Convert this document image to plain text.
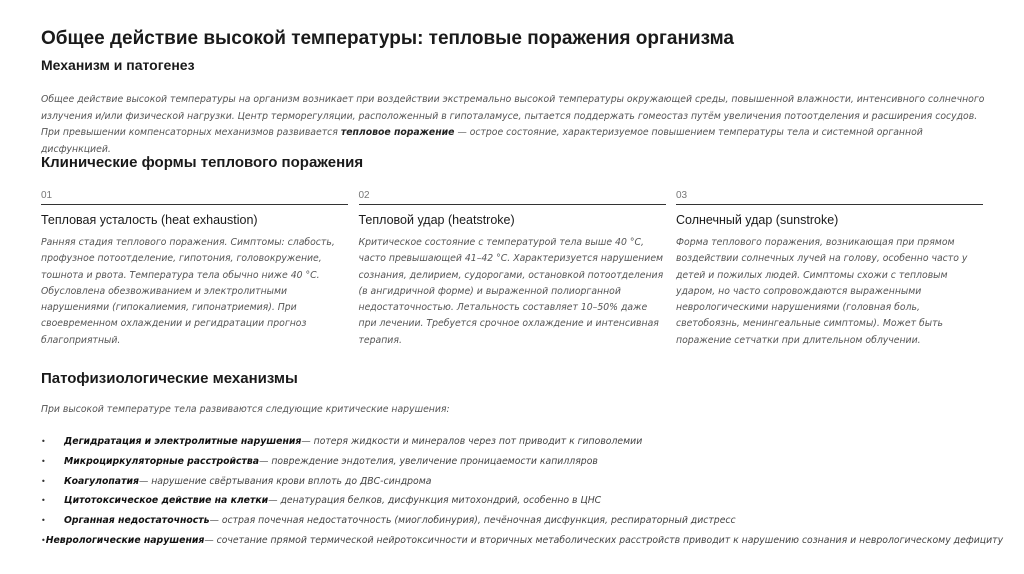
Общее действие высокой температуры: тепловые поражения организма
Механизм и патогенез

Общее действие высокой температуры на организм возникает при воздействии экстремально высокой температуры окружающей среды, повышенной влажности, интенсивного солнечного излучения и/или физической нагрузки. Центр терморегуляции, расположенный в гипоталамусе, пытается поддержать гомеостаз путём увеличения потоотделения и расширения сосудов. При превышении компенсаторных механизмов развивается тепловое поражение — острое состояние, характеризуемое повышением температуры тела и системной органной дисфункцией.

Клинические формы теплового поражения
01
Тепловая усталость (heat exhaustion)
Ранняя стадия теплового поражения. Симптомы: слабость, профузное потоотделение, гипотония, головокружение, тошнота и рвота. Температура тела обычно ниже 40 °C. Обусловлена обезвоживанием и электролитными нарушениями (гипокалиемия, гипонатриемия). При своевременном охлаждении и регидратации прогноз благоприятный.
02
Тепловой удар (heatstroke)
Критическое состояние с температурой тела выше 40 °C, часто превышающей 41–42 °C. Характеризуется нарушением сознания, делирием, судорогами, остановкой потоотделения (в ангидричной форме) и выраженной полиорганной недостаточностью. Летальность составляет 10–50% даже при лечении. Требуется срочное охлаждение и интенсивная терапия.
03
Солнечный удар (sunstroke)
Форма теплового поражения, возникающая при прямом воздействии солнечных лучей на голову, особенно часто у детей и пожилых людей. Симптомы схожи с тепловым ударом, но часто сопровождаются выраженными неврологическими нарушениями (головная боль, светобоязнь, менингеальные симптомы). Может быть поражение сетчатки при длительном облучении.
Патофизиологические механизмы

При высокой температуре тела развиваются следующие критические нарушения:

•	Дегидратация и электролитные нарушения — потеря жидкости и минералов через пот приводит к гиповолемии
•	Микроциркуляторные расстройства — повреждение эндотелия, увеличение проницаемости капилляров
•	Коагулопатия — нарушение свёртывания крови вплоть до ДВС-синдрома
•	Цитотоксическое действие на клетки — денатурация белков, дисфункция митохондрий, особенно в ЦНС
•	Органная недостаточность — острая почечная недостаточность (миоглобинурия), печёночная дисфункция, респираторный дистресс
• Неврологические нарушения — сочетание прямой термической нейротоксичности и вторичных метаболических расстройств приводит к нарушению сознания и неврологическому дефициту
